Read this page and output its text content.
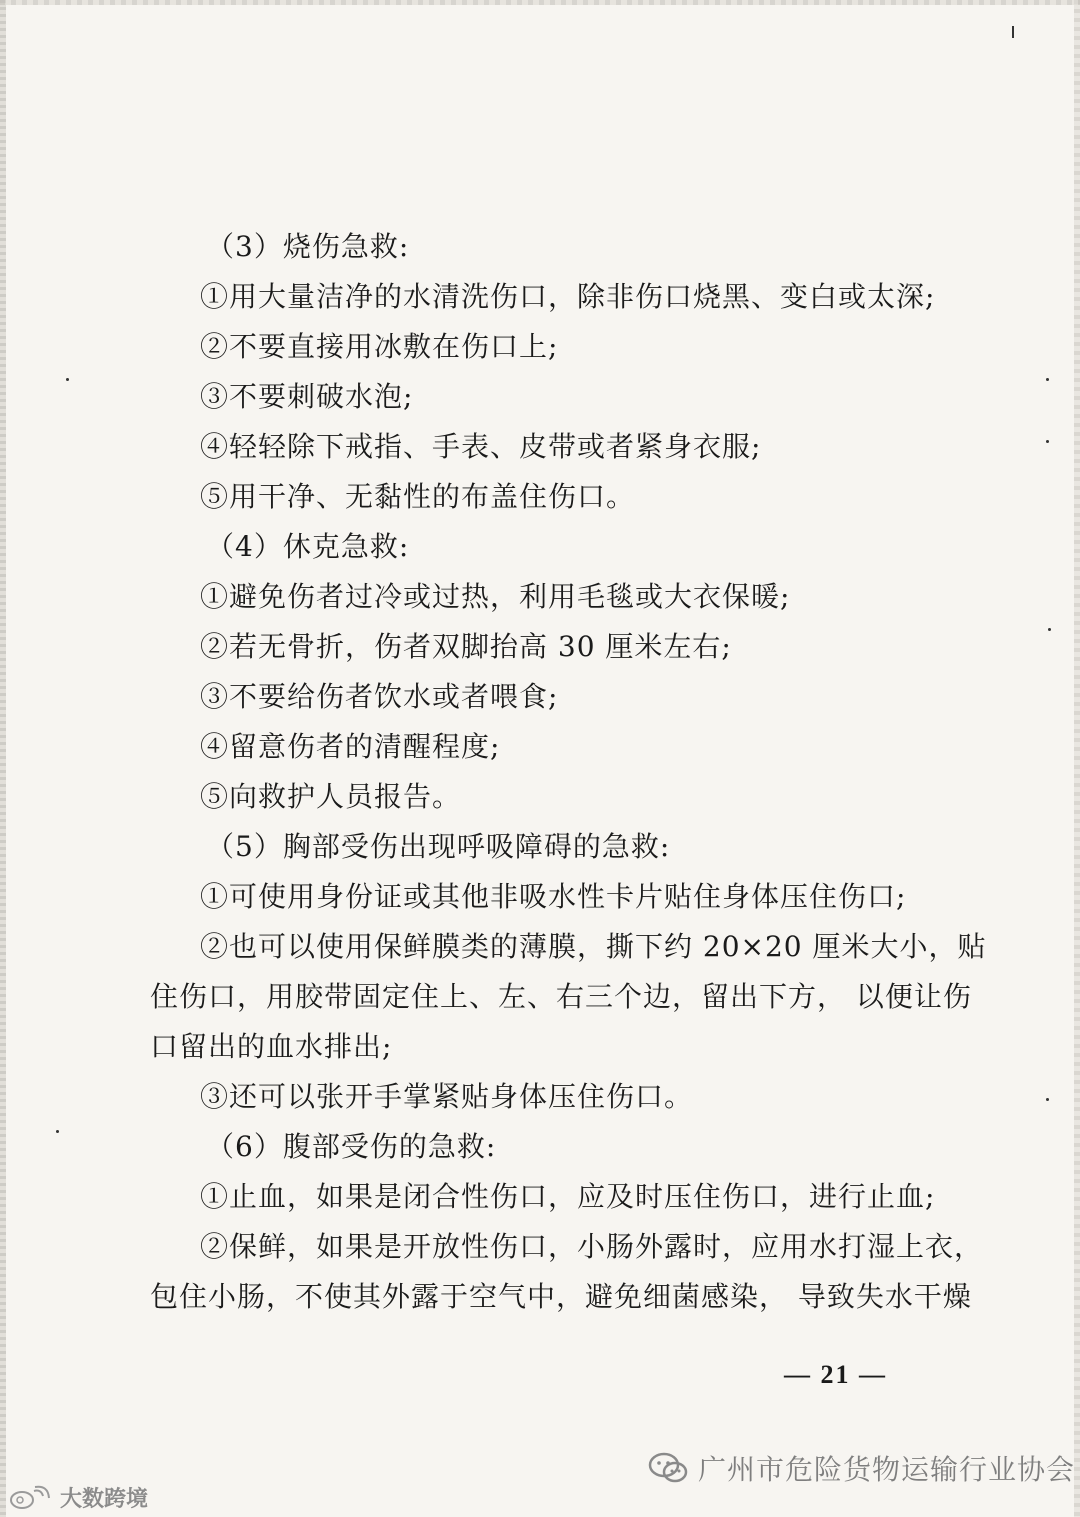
（3）烧伤急救:
①用大量洁净的水清洗伤口，除非伤口烧黑、变白或太深;
②不要直接用冰敷在伤口上;
③不要刺破水泡;
④轻轻除下戒指、手表、皮带或者紧身衣服;
⑤用干净、无黏性的布盖住伤口。
（4）休克急救:
①避免伤者过冷或过热，利用毛毯或大衣保暖;
②若无骨折，伤者双脚抬高 30 厘米左右;
③不要给伤者饮水或者喂食;
④留意伤者的清醒程度;
⑤向救护人员报告。
（5）胸部受伤出现呼吸障碍的急救:
①可使用身份证或其他非吸水性卡片贴住身体压住伤口;
②也可以使用保鲜膜类的薄膜，撕下约 20×20 厘米大小，贴
住伤口，用胶带固定住上、左、右三个边，留出下方， 以便让伤
口留出的血水排出;
③还可以张开手掌紧贴身体压住伤口。
（6）腹部受伤的急救:
①止血，如果是闭合性伤口，应及时压住伤口，进行止血;
②保鲜，如果是开放性伤口，小肠外露时，应用水打湿上衣，
包住小肠，不使其外露于空气中，避免细菌感染， 导致失水干燥
— 21 —
广州市危险货物运输行业协会
大数跨境
